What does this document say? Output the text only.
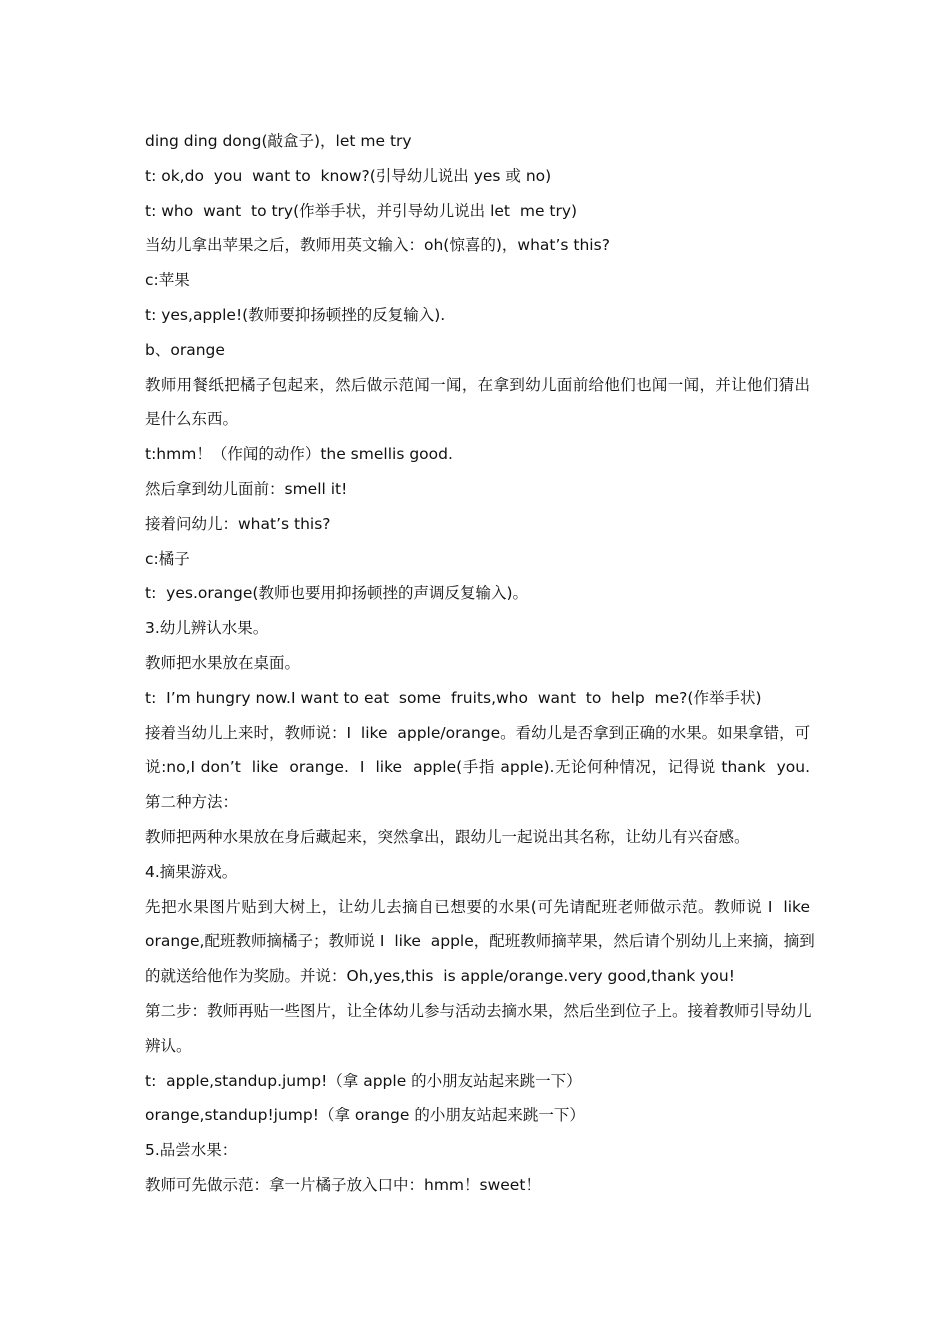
ding ding dong(敲盒子)，let me try

t: ok,do  you  want to  know?(引导幼儿说出 yes 或 no)

t: who  want  to try(作举手状，并引导幼儿说出 let  me try)

当幼儿拿出苹果之后，教师用英文输入：oh(惊喜的)，what’s this?

c:苹果

t: yes,apple!(教师要抑扬顿挫的反复输入).

b、orange

教师用餐纸把橘子包起来，然后做示范闻一闻，在拿到幼儿面前给他们也闻一闻，并让他们猜出

是什么东西。

t:hmm！（作闻的动作）the smellis good.

然后拿到幼儿面前：smell it!

接着问幼儿：what’s this?

c:橘子

t:  yes.orange(教师也要用抑扬顿挫的声调反复输入)。

3.幼儿辨认水果。

教师把水果放在桌面。

t:  I’m hungry now.I want to eat  some  fruits,who  want  to  help  me?(作举手状)

接着当幼儿上来时，教师说：I  like  apple/orange。看幼儿是否拿到正确的水果。如果拿错，可

说:no,I don’t  like  orange.  I  like  apple(手指 apple).无论何种情况，记得说 thank  you.

第二种方法：

教师把两种水果放在身后藏起来，突然拿出，跟幼儿一起说出其名称，让幼儿有兴奋感。

4.摘果游戏。

先把水果图片贴到大树上，让幼儿去摘自已想要的水果(可先请配班老师做示范。教师说 I  like

orange,配班教师摘橘子；教师说 I  like  apple，配班教师摘苹果，然后请个别幼儿上来摘，摘到

的就送给他作为奖励。并说：Oh,yes,this  is apple/orange.very good,thank you!

第二步：教师再贴一些图片，让全体幼儿参与活动去摘水果，然后坐到位子上。接着教师引导幼儿

辨认。

t:  apple,standup.jump!（拿 apple 的小朋友站起来跳一下）

orange,standup!jump!（拿 orange 的小朋友站起来跳一下）

5.品尝水果：

教师可先做示范：拿一片橘子放入口中：hmm！sweet！
